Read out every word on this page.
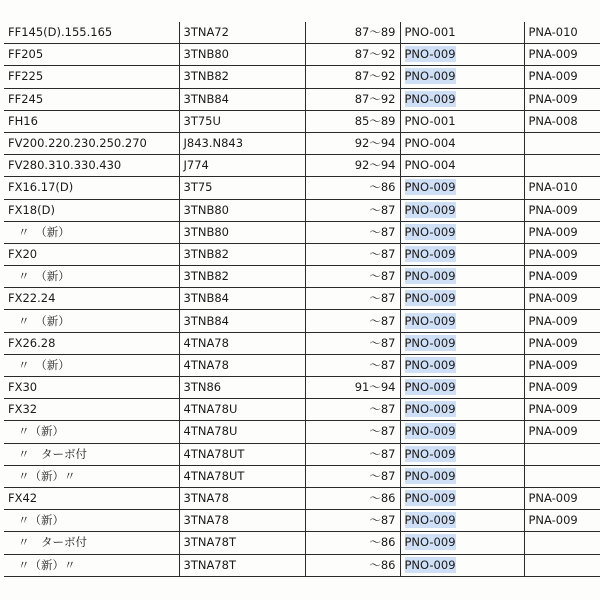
FF145(D).155.165	3TNA72	87～89	PNO-001	PNA-010
FF205	3TNB80	87～92	PNO-009	PNA-009
FF225	3TNB82	87～92	PNO-009	PNA-009
FF245	3TNB84	87～92	PNO-009	PNA-009
FH16	3T75U	85～89	PNO-001	PNA-008
FV200.220.230.250.270	J843.N843	92～94	PNO-004	
FV280.310.330.430	J774	92～94	PNO-004	
FX16.17(D)	3T75	～86	PNO-009	PNA-010
FX18(D)	3TNB80	～87	PNO-009	PNA-009
〃　（新）	3TNB80	～87	PNO-009	PNA-009
FX20	3TNB82	～87	PNO-009	PNA-009
〃　（新）	3TNB82	～87	PNO-009	PNA-009
FX22.24	3TNB84	～87	PNO-009	PNA-009
〃　（新）	3TNB84	～87	PNO-009	PNA-009
FX26.28	4TNA78	～87	PNO-009	PNA-009
〃　（新）	4TNA78	～87	PNO-009	PNA-009
FX30	3TN86	91～94	PNO-009	PNA-009
FX32	4TNA78U	～87	PNO-009	PNA-009
〃（新）	4TNA78U	～87	PNO-009	PNA-009
〃　ターボ付	4TNA78UT	～87	PNO-009	
〃（新）〃	4TNA78UT	～87	PNO-009	
FX42	3TNA78	～86	PNO-009	PNA-009
〃（新）	3TNA78	～87	PNO-009	PNA-009
〃　ターボ付	3TNA78T	～86	PNO-009	
〃（新）〃	3TNA78T	～86	PNO-009	
